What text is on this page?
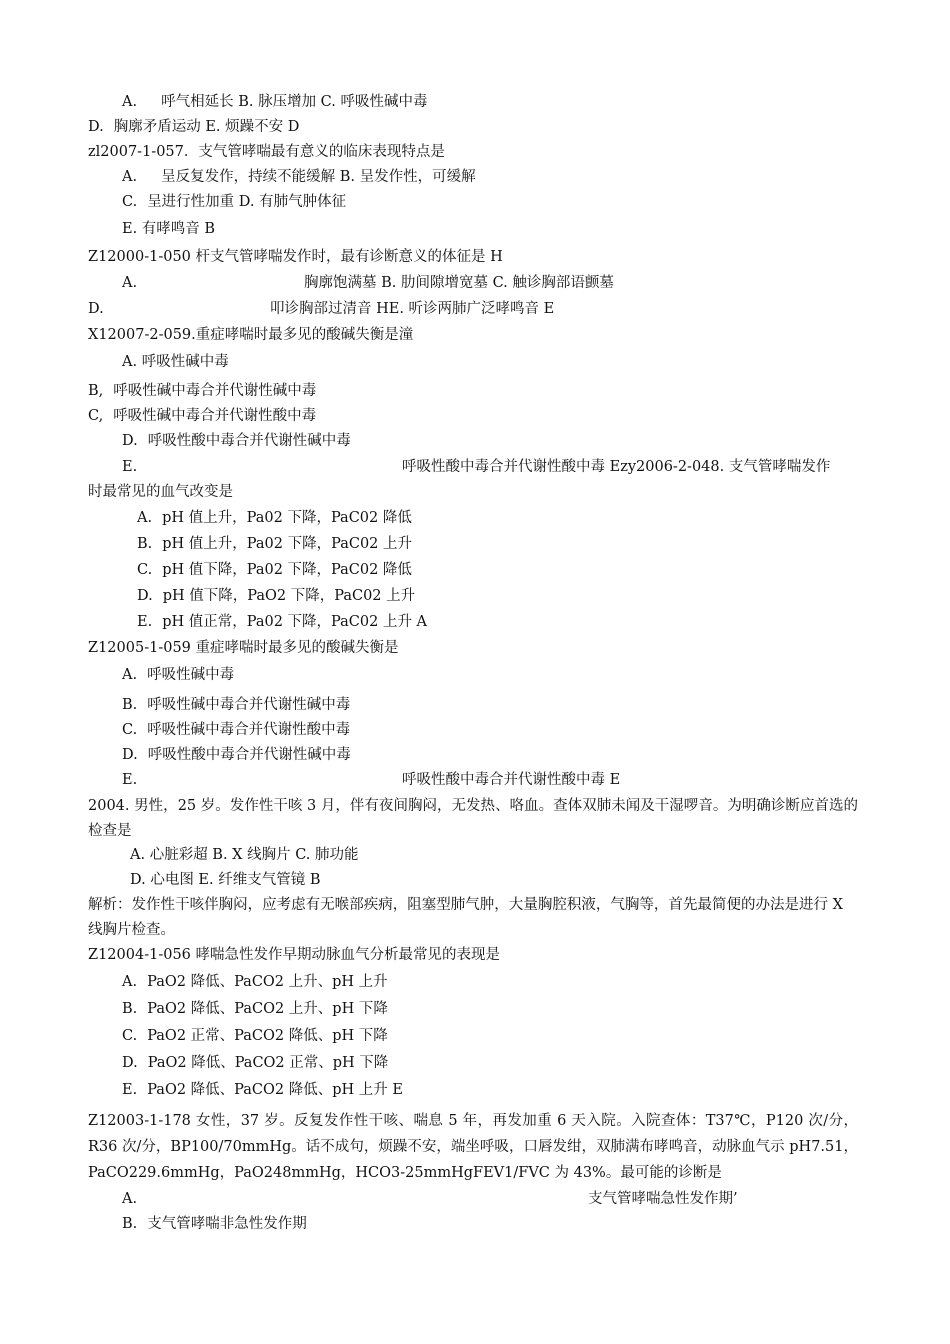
A. 呼气相延长 B. 脉压增加 C. 呼吸性碱中毒
D. 胸廓矛盾运动 E. 烦躁不安 D
zl2007-1-057．支气管哮喘最有意义的临床表现特点是
A. 呈反复发作，持续不能缓解 B. 呈发作性，可缓解
C. 呈进行性加重 D. 有肺气肿体征
E. 有哮鸣音 B
Z12000-1-050 杆支气管哮喘发作时，最有诊断意义的体征是 H
A.	胸廓饱满墓 B. 肋间隙增宽墓 C. 触诊胸部语颤墓
D.	叩诊胸部过清音 HE. 听诊两肺广泛哮鸣音 E
X12007-2-059.重症哮喘时最多见的酸碱失衡是潼
A. 呼吸性碱中毒
B, 呼吸性碱中毒合并代谢性碱中毒
C, 呼吸性碱中毒合并代谢性酸中毒
D. 呼吸性酸中毒合并代谢性碱中毒
E.	呼吸性酸中毒合并代谢性酸中毒 Ezy2006-2-048. 支气管哮喘发作
时最常见的血气改变是
A. pH 值上升，Pa02 下降，PaC02 降低
B. pH 值上升，Pa02 下降，PaC02 上升
C. pH 值下降，Pa02 下降，PaC02 降低
D. pH 值下降，PaO2 下降，PaC02 上升
E. pH 值正常，Pa02 下降，PaC02 上升 A
Z12005-1-059 重症哮喘时最多见的酸碱失衡是
A. 呼吸性碱中毒
B. 呼吸性碱中毒合并代谢性碱中毒
C. 呼吸性碱中毒合并代谢性酸中毒
D. 呼吸性酸中毒合并代谢性碱中毒
E.	呼吸性酸中毒合并代谢性酸中毒 E
2004. 男性，25 岁。发作性干咳 3 月，伴有夜间胸闷，无发热、咯血。查体双肺未闻及干湿啰音。为明确诊断应首选的检查是
A. 心脏彩超 B. X 线胸片 C. 肺功能
D. 心电图 E. 纤维支气管镜 B
解析：发作性干咳伴胸闷，应考虑有无喉部疾病，阻塞型肺气肿，大量胸腔积液，气胸等，首先最简便的办法是进行 X 线胸片检查。
Z12004-1-056 哮喘急性发作早期动脉血气分析最常见的表现是
A. PaO2 降低、PaCO2 上升、pH 上升
B. PaO2 降低、PaCO2 上升、pH 下降
C. PaO2 正常、PaCO2 降低、pH 下降
D. PaO2 降低、PaCO2 正常、pH 下降
E. PaO2 降低、PaCO2 降低、pH 上升 E
Z12003-1-178 女性，37 岁。反复发作性干咳、喘息 5 年，再发加重 6 天入院。入院查体：T37℃，P120 次/分，R36 次/分，BP100/70mmHg。话不成句，烦躁不安，端坐呼吸，口唇发绀，双肺满布哮鸣音，动脉血气示 pH7.51，PaCO229.6mmHg，PaO248mmHg，HCO3-25mmHgFEV1/FVC 为 43%。最可能的诊断是
A.	支气管哮喘急性发作期’
B. 支气管哮喘非急性发作期
